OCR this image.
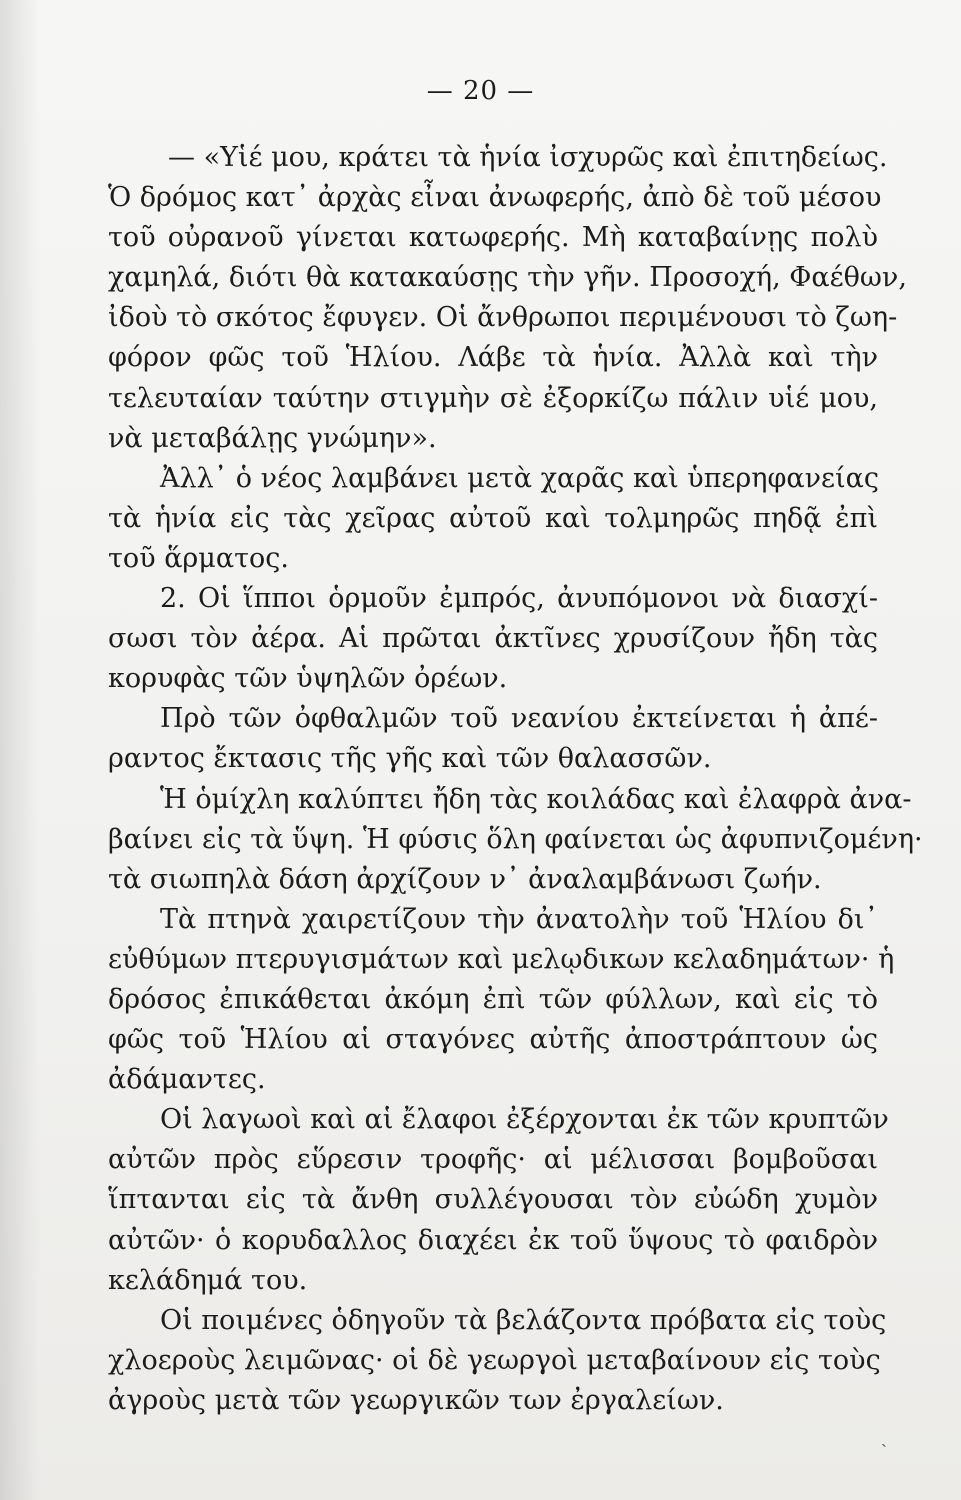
— 20 —
— «Υἱέ μου, κράτει τὰ ἡνία ἰσχυρῶς καὶ ἐπιτηδείως.
Ὁ δρόμος κατ᾽ ἀρχὰς εἶναι ἀνωφερής, ἀπὸ δὲ τοῦ μέσου
τοῦ οὐρανοῦ γίνεται κατωφερής. Μὴ καταβαίνῃς πολὺ
χαμηλά, διότι θὰ κατακαύσῃς τὴν γῆν. Προσοχή, Φαέθων,
ἰδοὺ τὸ σκότος ἔφυγεν. Οἱ ἄνθρωποι περιμένουσι τὸ ζωη-
φόρον φῶς τοῦ Ἡλίου. Λάβε τὰ ἡνία. Ἀλλὰ καὶ τὴν
τελευταίαν ταύτην στιγμὴν σὲ ἐξορκίζω πάλιν υἱέ μου,
νὰ μεταβάλῃς γνώμην».
Ἀλλ᾽ ὁ νέος λαμβάνει μετὰ χαρᾶς καὶ ὑπερηφανείας
τὰ ἡνία εἰς τὰς χεῖρας αὐτοῦ καὶ τολμηρῶς πηδᾷ ἐπὶ
τοῦ ἅρματος.
2. Οἱ ἵπποι ὁρμοῦν ἐμπρός, ἀνυπόμονοι νὰ διασχί-
σωσι τὸν ἀέρα. Αἱ πρῶται ἀκτῖνες χρυσίζουν ἤδη τὰς
κορυφὰς τῶν ὑψηλῶν ὀρέων.
Πρὸ τῶν ὀφθαλμῶν τοῦ νεανίου ἐκτείνεται ἡ ἀπέ-
ραντος ἔκτασις τῆς γῆς καὶ τῶν θαλασσῶν.
Ἡ ὁμίχλη καλύπτει ἤδη τὰς κοιλάδας καὶ ἐλαφρὰ ἀνα-
βαίνει εἰς τὰ ὕψη. Ἡ φύσις ὅλη φαίνεται ὡς ἀφυπνιζομένη·
τὰ σιωπηλὰ δάση ἀρχίζουν ν᾽ ἀναλαμβάνωσι ζωήν.
Τὰ πτηνὰ χαιρετίζουν τὴν ἀνατολὴν τοῦ Ἡλίου δι᾽
εὐθύμων πτερυγισμάτων καὶ μελῳδικων κελαδημάτων· ἡ
δρόσος ἐπικάθεται ἀκόμη ἐπὶ τῶν φύλλων, καὶ εἰς τὸ
φῶς τοῦ Ἡλίου αἱ σταγόνες αὐτῆς ἀποστράπτουν ὡς
ἀδάμαντες.
Οἱ λαγωοὶ καὶ αἱ ἔλαφοι ἐξέρχονται ἐκ τῶν κρυπτῶν
αὐτῶν πρὸς εὕρεσιν τροφῆς· αἱ μέλισσαι βομβοῦσαι
ἵπτανται εἰς τὰ ἄνθη συλλέγουσαι τὸν εὐώδη χυμὸν
αὐτῶν· ὁ κορυδαλλος διαχέει ἐκ τοῦ ὕψους τὸ φαιδρὸν
κελάδημά του.
Οἱ ποιμένες ὁδηγοῦν τὰ βελάζοντα πρόβατα εἰς τοὺς
χλοεροὺς λειμῶνας· οἱ δὲ γεωργοὶ μεταβαίνουν εἰς τοὺς
ἀγροὺς μετὰ τῶν γεωργικῶν των ἐργαλείων.
ˎ
